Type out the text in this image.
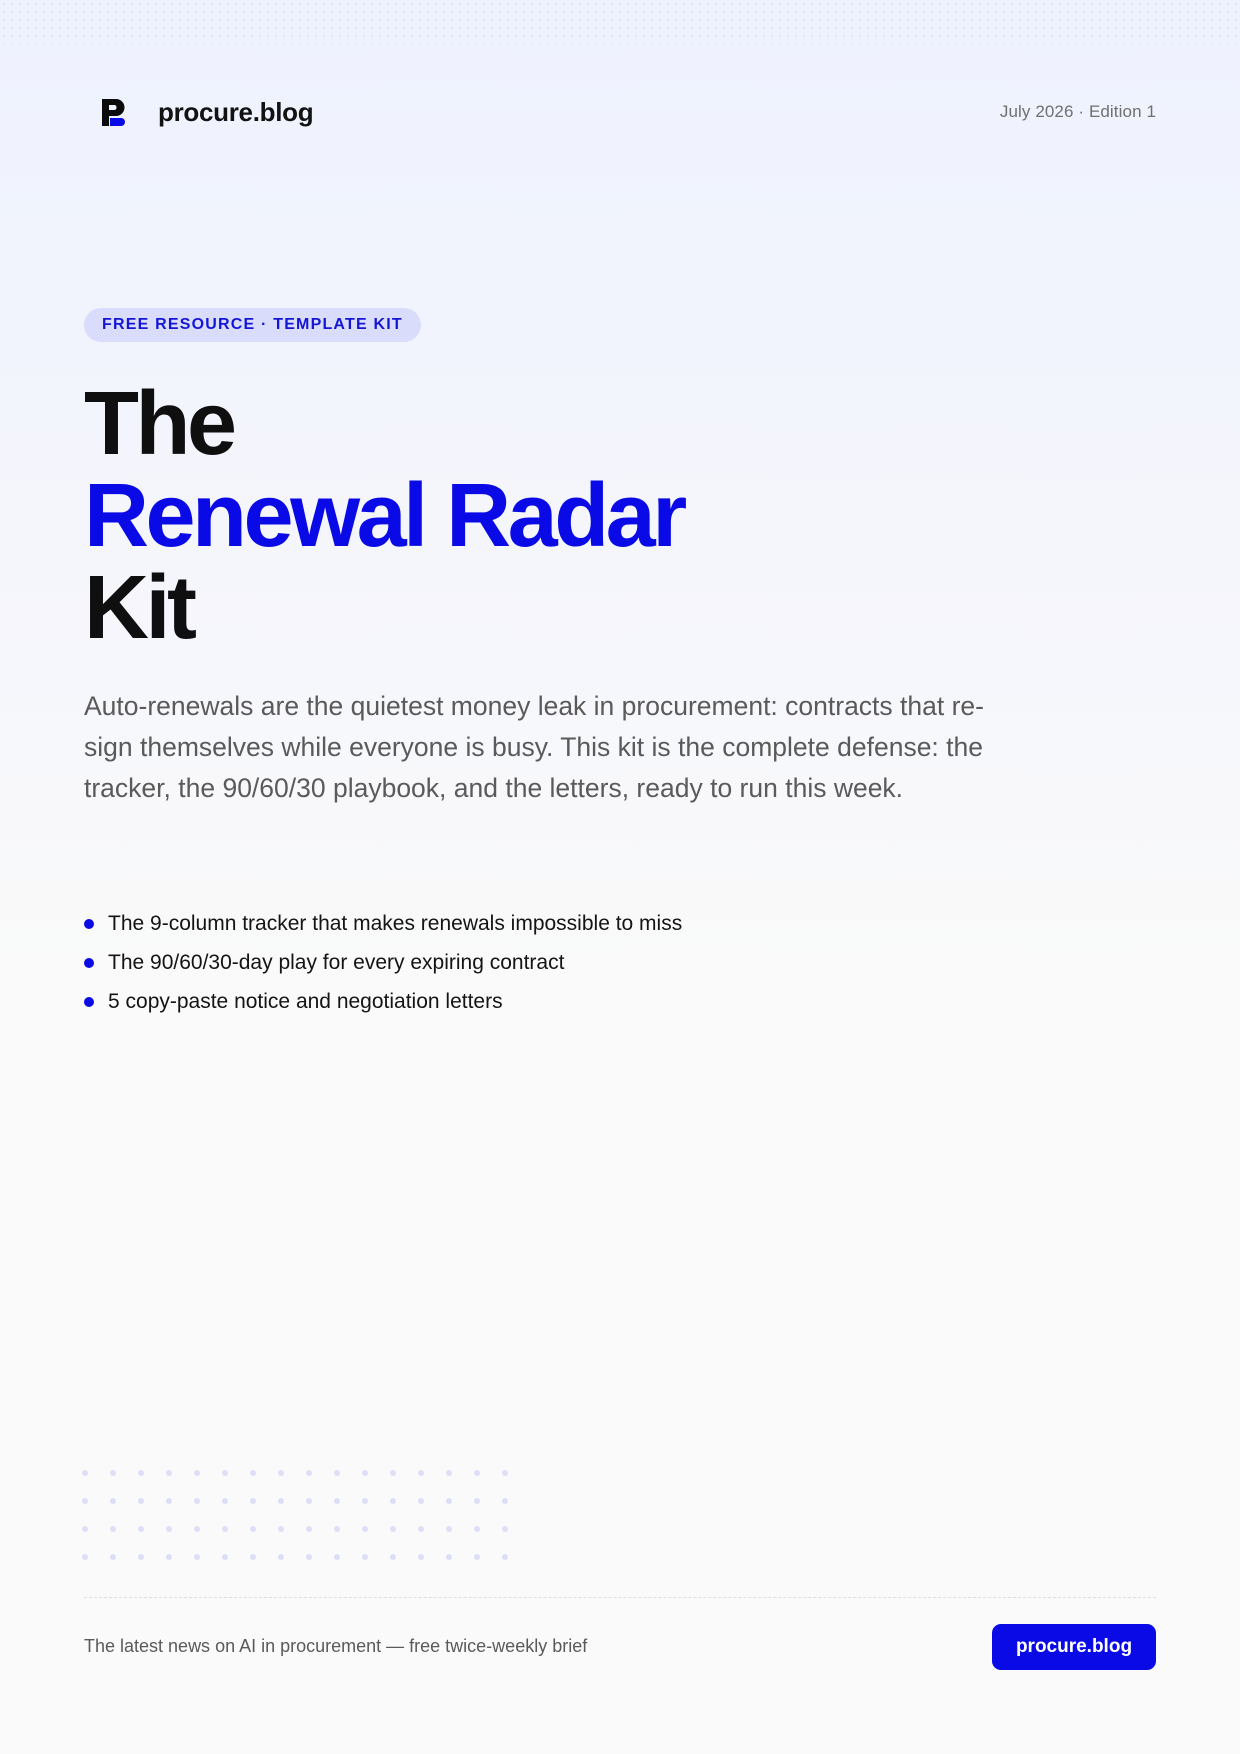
procure.blog	July 2026 · Edition 1
FREE RESOURCE · TEMPLATE KIT
The
Renewal Radar
Kit

Auto-renewals are the quietest money leak in procurement: contracts that re-sign themselves while everyone is busy. This kit is the complete defense: the tracker, the 90/60/30 playbook, and the letters, ready to run this week.

The 9-column tracker that makes renewals impossible to miss
The 90/60/30-day play for every expiring contract
5 copy-paste notice and negotiation letters
The latest news on AI in procurement — free twice-weekly brief	procure.blog
